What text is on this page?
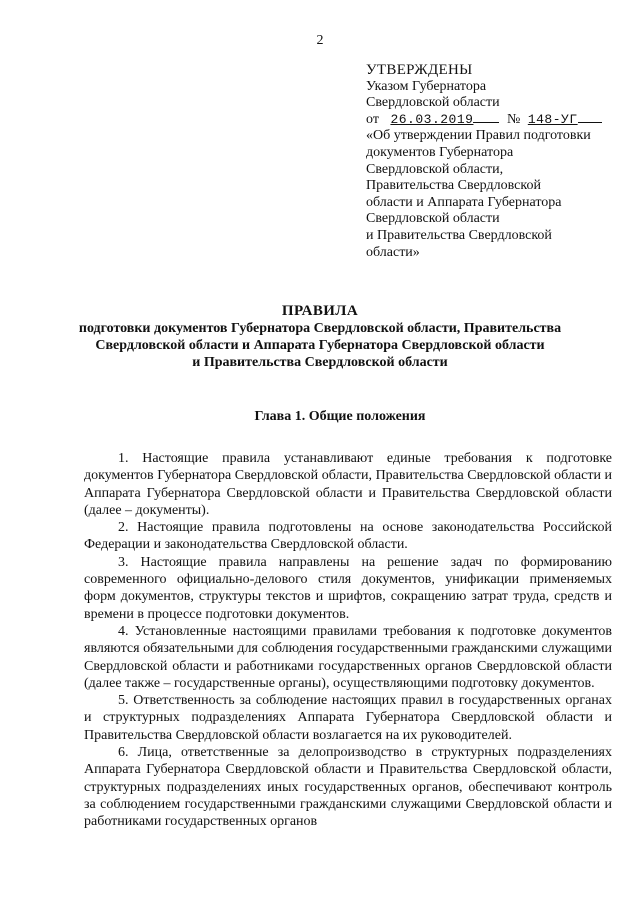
2
УТВЕРЖДЕНЫ
Указом Губернатора
Свердловской области
от 26.03.2019 № 148-УГ
«Об утверждении Правил подготовки
документов Губернатора
Свердловской области,
Правительства Свердловской
области и Аппарата Губернатора
Свердловской области
и Правительства Свердловской
области»
ПРАВИЛА
подготовки документов Губернатора Свердловской области, Правительства
Свердловской области и Аппарата Губернатора Свердловской области
и Правительства Свердловской области
Глава 1. Общие положения

1. Настоящие правила устанавливают единые требования к подготовке документов Губернатора Свердловской области, Правительства Свердловской области и Аппарата Губернатора Свердловской области и Правительства Свердловской области (далее – документы).

2. Настоящие правила подготовлены на основе законодательства Российской Федерации и законодательства Свердловской области.

3. Настоящие правила направлены на решение задач по формированию современного официально-делового стиля документов, унификации применяемых форм документов, структуры текстов и шрифтов, сокращению затрат труда, средств и времени в процессе подготовки документов.

4. Установленные настоящими правилами требования к подготовке документов являются обязательными для соблюдения государственными гражданскими служащими Свердловской области и работниками государственных органов Свердловской области (далее также – государственные органы), осуществляющими подготовку документов.

5. Ответственность за соблюдение настоящих правил в государственных органах и структурных подразделениях Аппарата Губернатора Свердловской области и Правительства Свердловской области возлагается на их руководителей.

6. Лица, ответственные за делопроизводство в структурных подразделениях Аппарата Губернатора Свердловской области и Правительства Свердловской области, структурных подразделениях иных государственных органов, обеспечивают контроль за соблюдением государственными гражданскими служащими Свердловской области и работниками государственных органов
